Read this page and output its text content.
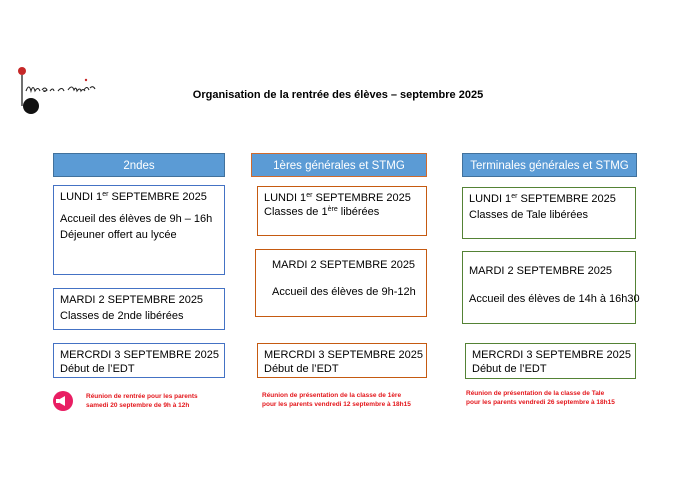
Organisation de la rentrée des élèves – septembre 2025
2ndes
LUNDI 1er SEPTEMBRE 2025
Accueil des élèves de 9h – 16h
Déjeuner offert au lycée
MARDI 2 SEPTEMBRE 2025
Classes de 2nde libérées
MERCRDI 3 SEPTEMBRE 2025
Début de l’EDT
Réunion de rentrée pour les parents
samedi 20 septembre de 9h à 12h
1ères générales et STMG
LUNDI 1er SEPTEMBRE 2025
Classes de 1ère libérées
MARDI 2 SEPTEMBRE 2025
Accueil des élèves de 9h-12h
MERCRDI 3 SEPTEMBRE 2025
Début de l’EDT
Réunion de présentation de la classe de 1ère
pour les parents vendredi 12 septembre à 18h15
Terminales générales et STMG
LUNDI 1er SEPTEMBRE 2025
Classes de Tale libérées
MARDI 2 SEPTEMBRE 2025
Accueil des élèves de 14h à 16h30
MERCRDI 3 SEPTEMBRE 2025
Début de l’EDT
Réunion de présentation de la classe de Tale
pour les parents vendredi 26 septembre à 18h15
